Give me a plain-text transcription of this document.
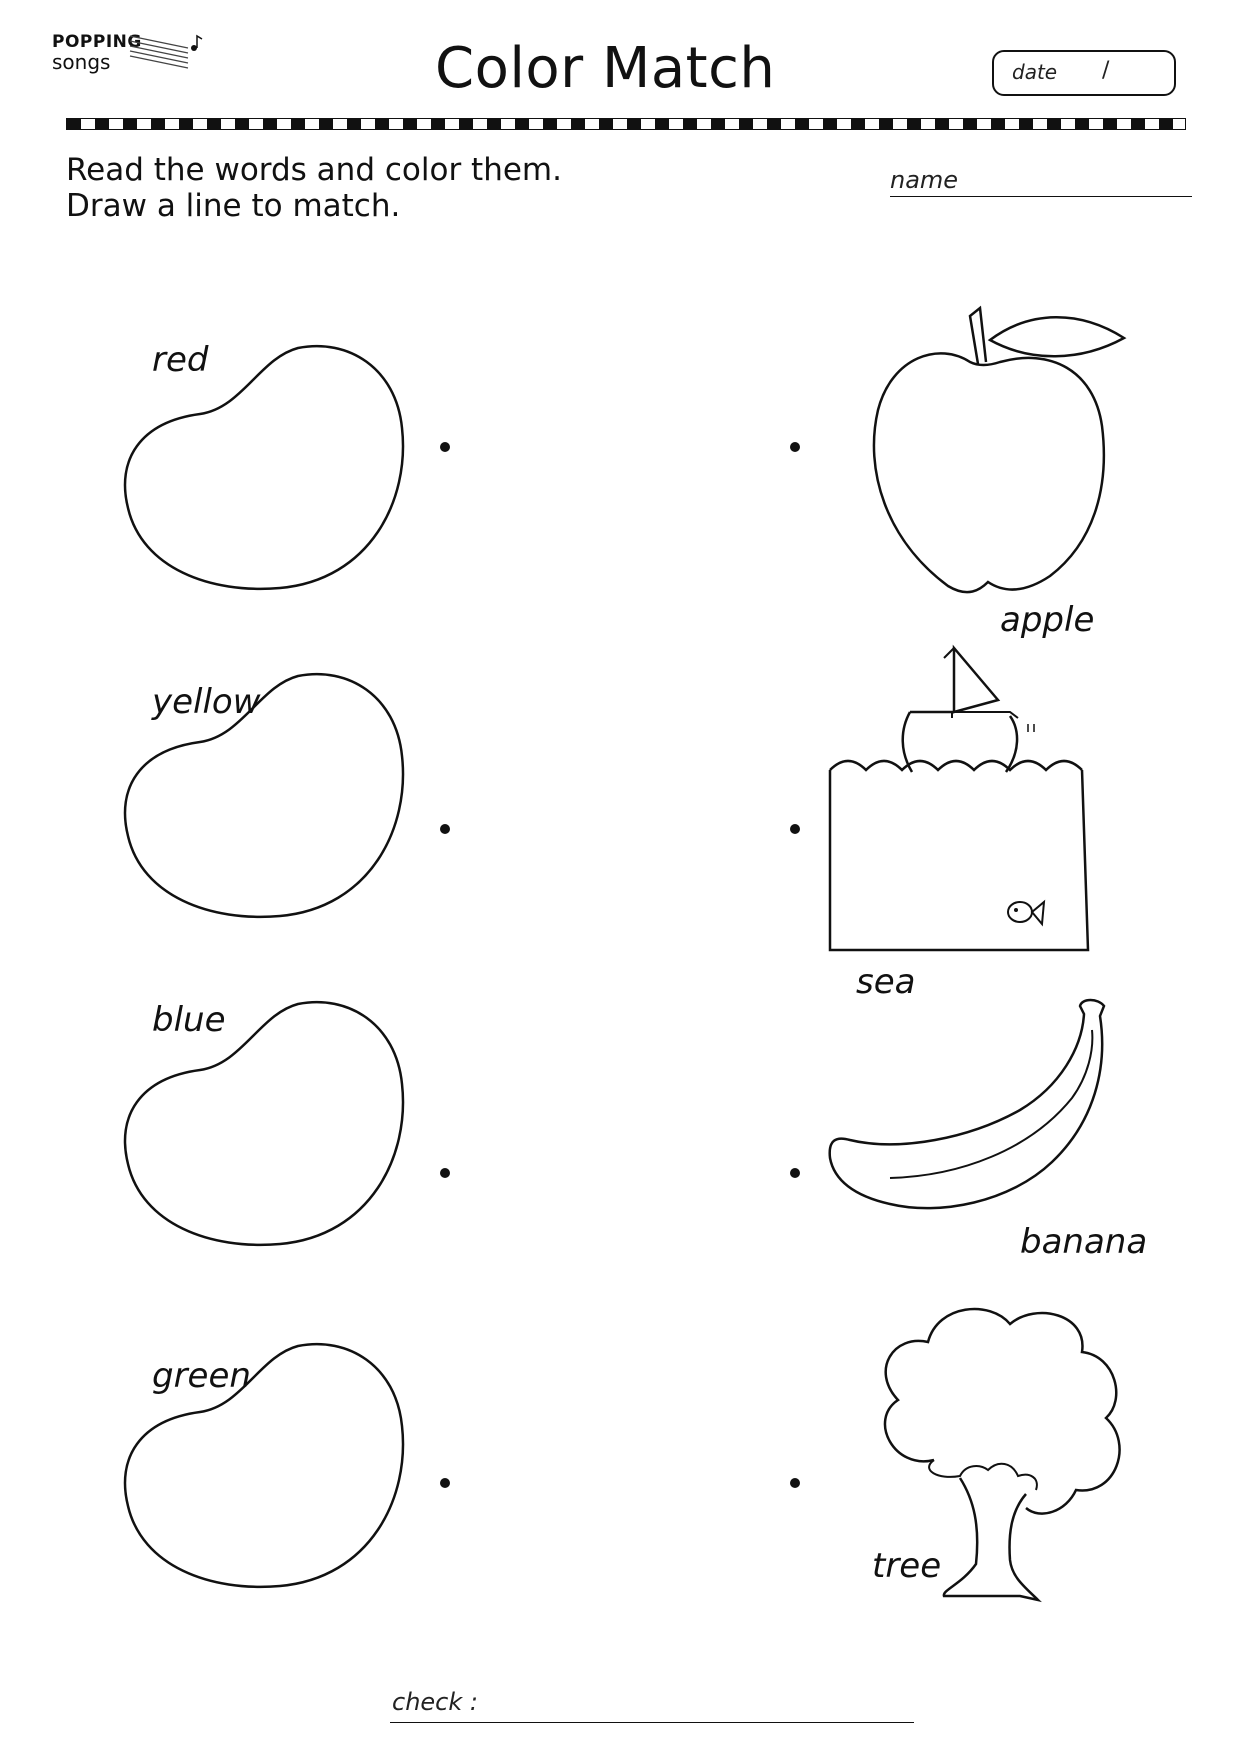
POPPING
songs	Color Match	date /
Read the words and color them.
Draw a line to match.
name
red
yellow
blue
green
apple
sea
banana
tree
check :
